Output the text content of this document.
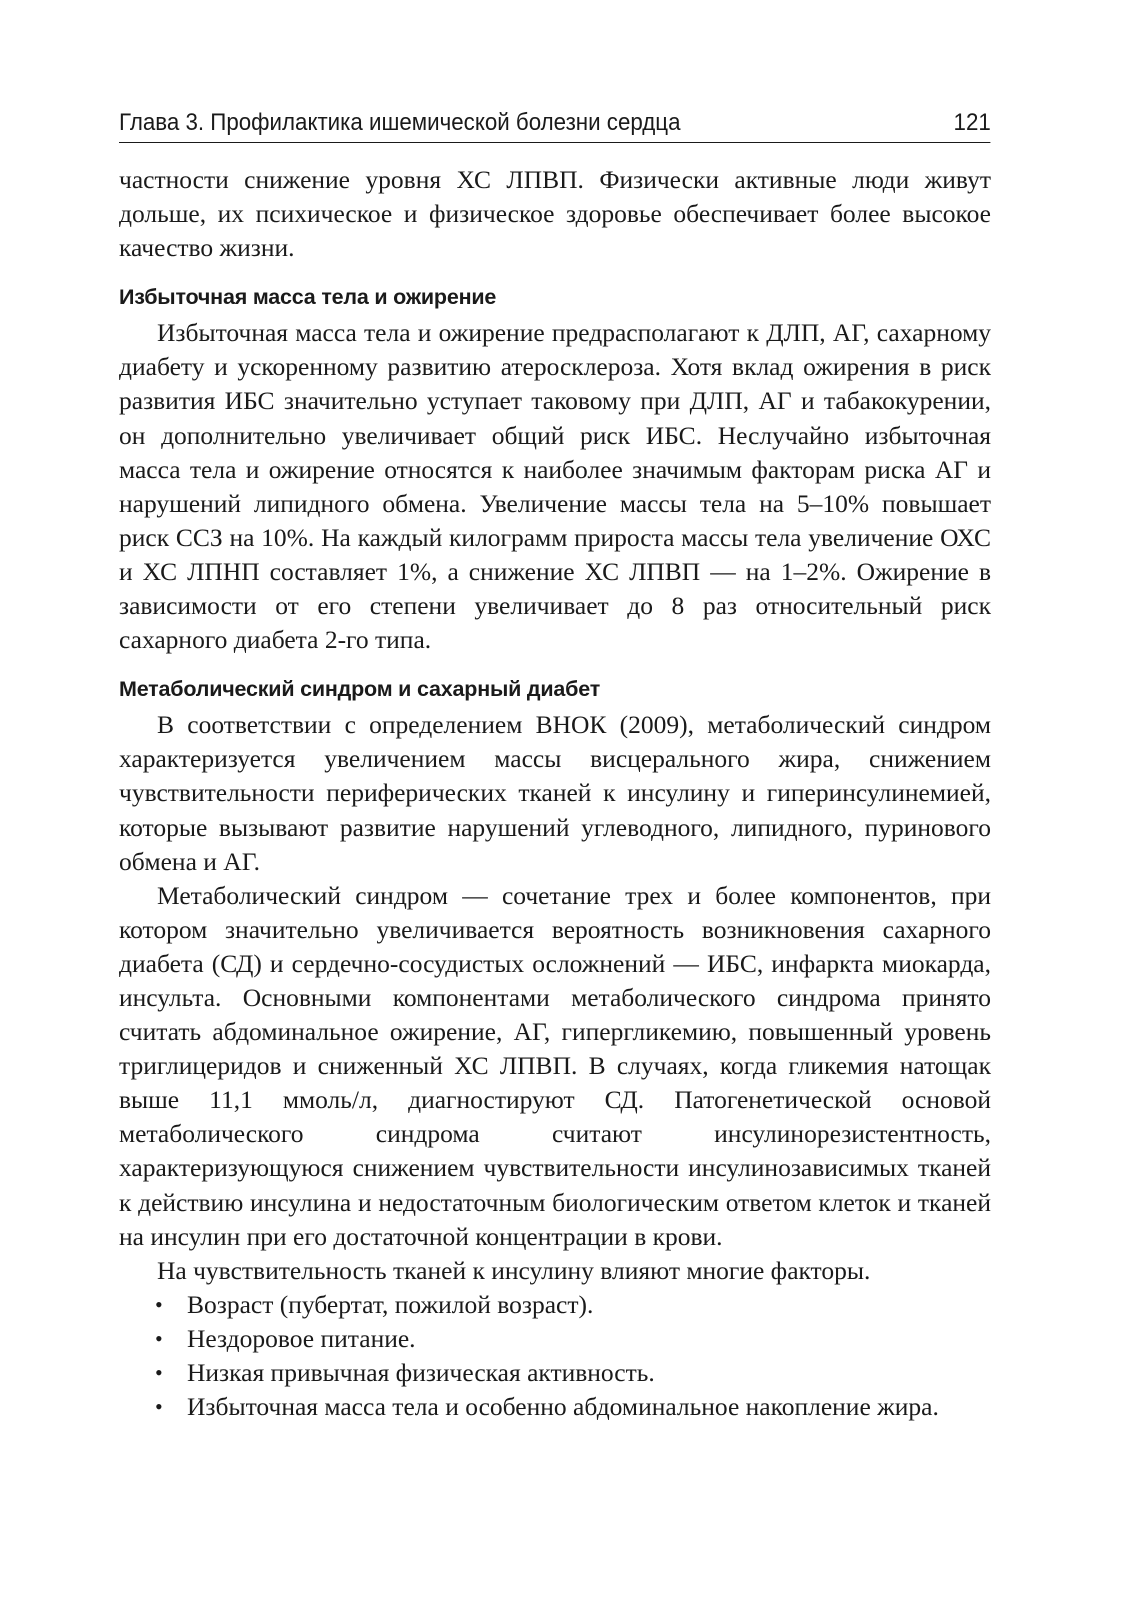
Глава 3. Профилактика ишемической болезни сердца	121

частности снижение уровня ХС ЛПВП. Физически активные люди живут дольше, их психическое и физическое здоровье обеспечивает более высокое качество жизни.

Избыточная масса тела и ожирение

Избыточная масса тела и ожирение предрасполагают к ДЛП, АГ, сахарному диабету и ускоренному развитию атеросклероза. Хотя вклад ожирения в риск развития ИБС значительно уступает таковому при ДЛП, АГ и табакокурении, он дополнительно увеличивает общий риск ИБС. Неслучайно избыточная масса тела и ожирение относятся к наиболее значимым факторам риска АГ и нарушений липидного обмена. Увеличение массы тела на 5–10% повышает риск ССЗ на 10%. На каждый килограмм прироста массы тела увеличение ОХС и ХС ЛПНП составляет 1%, а снижение ХС ЛПВП — на 1–2%. Ожирение в зависимости от его степени увеличивает до 8 раз относительный риск сахарного диабета 2-го типа.

Метаболический синдром и сахарный диабет

В соответствии с определением ВНОК (2009), метаболический синдром характеризуется увеличением массы висцерального жира, снижением чувствительности периферических тканей к инсулину и гиперинсулинемией, которые вызывают развитие нарушений углеводного, липидного, пуринового обмена и АГ.

Метаболический синдром — сочетание трех и более компонентов, при котором значительно увеличивается вероятность возникновения сахарного диабета (СД) и сердечно-сосудистых осложнений — ИБС, инфаркта миокарда, инсульта. Основными компонентами метаболического синдрома принято считать абдоминальное ожирение, АГ, гипергликемию, повышенный уровень триглицеридов и сниженный ХС ЛПВП. В случаях, когда гликемия натощак выше 11,1 ммоль/л, диагностируют СД. Патогенетической основой метаболического синдрома считают инсулинорезистентность, характеризующуюся снижением чувствительности инсулинозависимых тканей к действию инсулина и недостаточным биологическим ответом клеток и тканей на инсулин при его достаточной концентрации в крови.

На чувствительность тканей к инсулину влияют многие факторы.

• Возраст (пубертат, пожилой возраст).
• Нездоровое питание.
• Низкая привычная физическая активность.
• Избыточная масса тела и особенно абдоминальное накопление жира.
